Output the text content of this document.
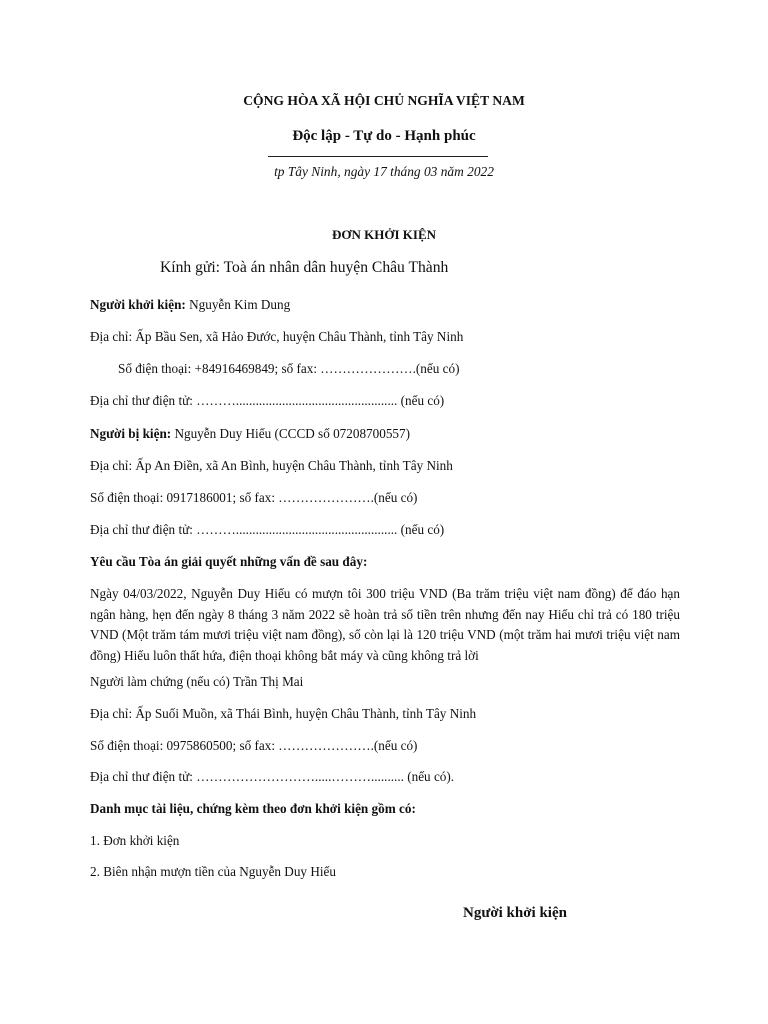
CỘNG HÒA XÃ HỘI CHỦ NGHĨA VIỆT NAM
Độc lập - Tự do - Hạnh phúc
tp Tây Ninh, ngày 17 tháng 03 năm 2022
ĐƠN KHỞI KIỆN
Kính gửi: Toà án nhân dân huyện Châu Thành
Người khởi kiện: Nguyễn Kim Dung
Địa chỉ: Ấp Bầu Sen, xã Hảo Đước, huyện Châu Thành, tỉnh Tây Ninh
Số điện thoại: +84916469849; số fax: ………………….(nếu có)
Địa chỉ thư điện tử: ………................................................. (nếu có)
Người bị kiện: Nguyễn Duy Hiếu (CCCD số 07208700557)
Địa chỉ: Ấp An Điền, xã An Bình, huyện Châu Thành, tỉnh Tây Ninh
Số điện thoại: 0917186001; số fax: ………………….(nếu có)
Địa chỉ thư điện tử: ………................................................. (nếu có)
Yêu cầu Tòa án giải quyết những vấn đề sau đây:
Ngày 04/03/2022, Nguyễn Duy Hiếu có mượn tôi 300 triệu VND (Ba trăm triệu việt nam đồng) để đáo hạn ngân hàng, hẹn đến ngày 8 tháng 3 năm 2022 sẽ hoàn trả số tiền trên nhưng đến nay Hiếu chỉ trả có 180 triệu VND (Một trăm tám mươi triệu việt nam đồng), số còn lại là 120 triệu VND (một trăm hai mươi triệu việt nam đồng) Hiếu luôn thất hứa, điện thoại không bắt máy và cũng không trả lời
Người làm chứng (nếu có) Trần Thị Mai
Địa chỉ: Ấp Suối Muồn, xã Thái Bình, huyện Châu Thành, tỉnh Tây Ninh
Số điện thoại: 0975860500; số fax: ………………….(nếu có)
Địa chỉ thư điện tử: ……………………….....……….......... (nếu có).
Danh mục tài liệu, chứng kèm theo đơn khởi kiện gồm có:
1. Đơn khởi kiện
2. Biên nhận mượn tiền của Nguyễn Duy Hiếu
Người khởi kiện
